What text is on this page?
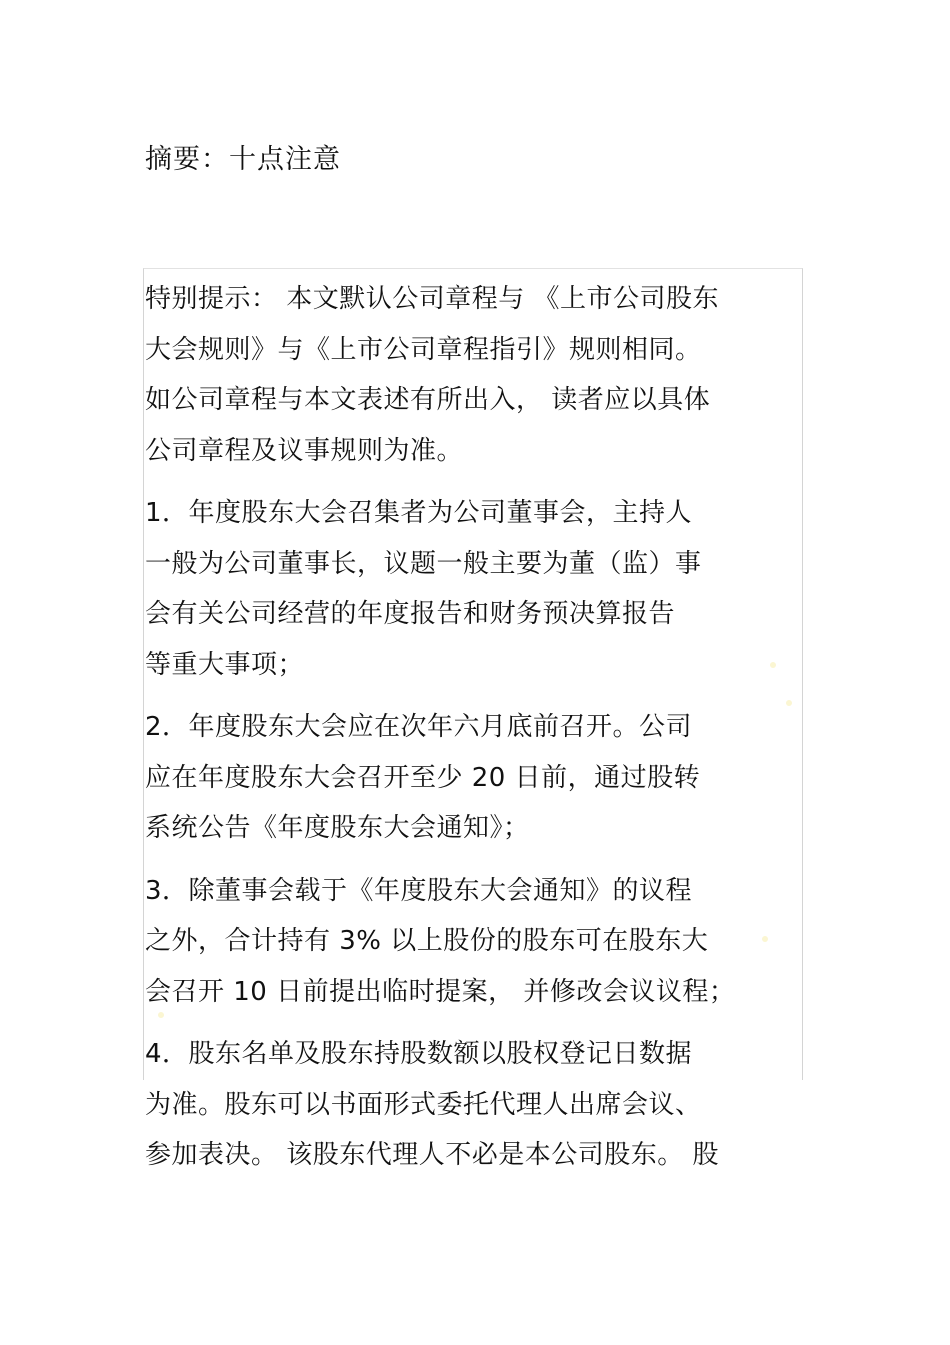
摘要：十点注意
特别提示： 本文默认公司章程与 《上市公司股东
大会规则》与《上市公司章程指引》规则相同。
如公司章程与本文表述有所出入， 读者应以具体
公司章程及议事规则为准。
1．年度股东大会召集者为公司董事会，主持人
一般为公司董事长，议题一般主要为董（监）事
会有关公司经营的年度报告和财务预决算报告
等重大事项；
2．年度股东大会应在次年六月底前召开。公司
应在年度股东大会召开至少 20 日前，通过股转
系统公告《年度股东大会通知》；
3．除董事会载于《年度股东大会通知》的议程
之外，合计持有 3% 以上股份的股东可在股东大
会召开 10 日前提出临时提案， 并修改会议议程；
4．股东名单及股东持股数额以股权登记日数据
为准。股东可以书面形式委托代理人出席会议、
参加表决。 该股东代理人不必是本公司股东。 股
